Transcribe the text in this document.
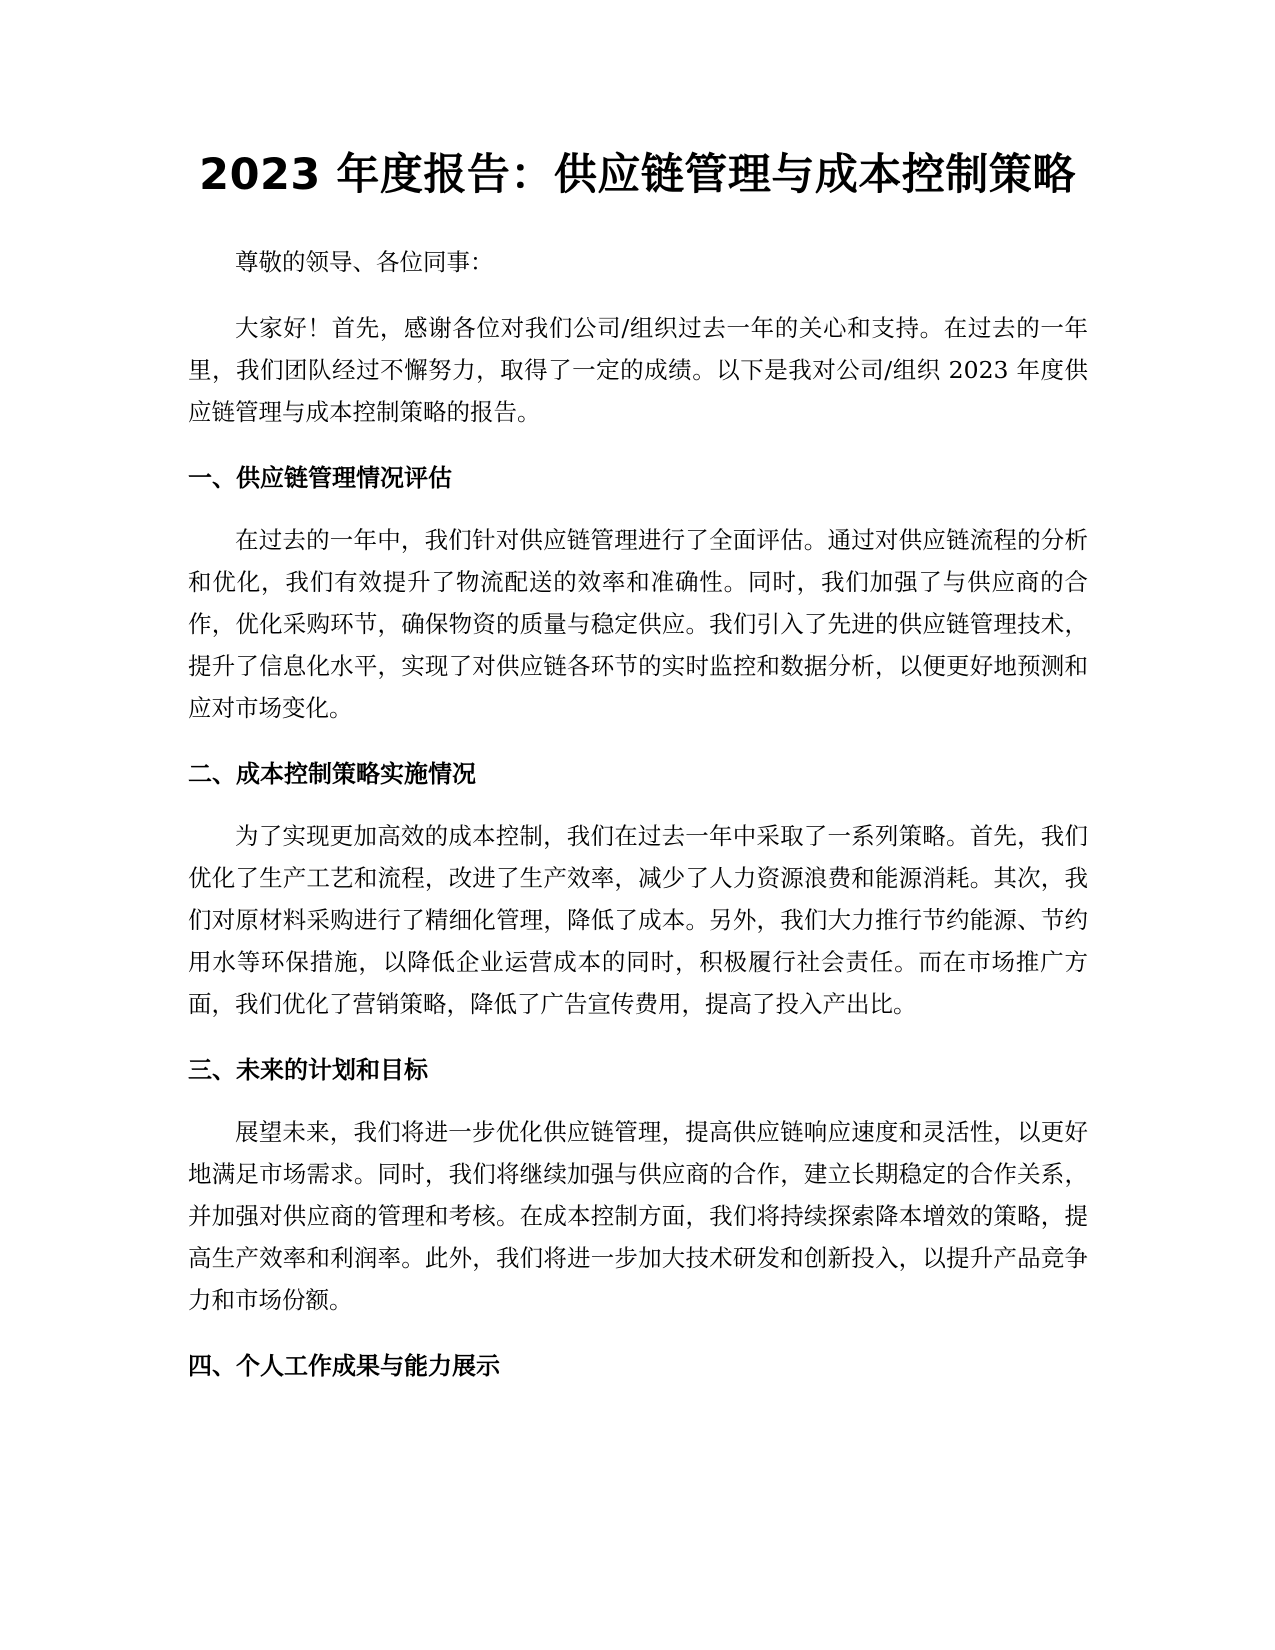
2023 年度报告：供应链管理与成本控制策略

尊敬的领导、各位同事：

大家好！首先，感谢各位对我们公司/组织过去一年的关心和支持。在过去的一年里，我们团队经过不懈努力，取得了一定的成绩。以下是我对公司/组织 2023 年度供应链管理与成本控制策略的报告。

一、供应链管理情况评估

在过去的一年中，我们针对供应链管理进行了全面评估。通过对供应链流程的分析和优化，我们有效提升了物流配送的效率和准确性。同时，我们加强了与供应商的合作，优化采购环节，确保物资的质量与稳定供应。我们引入了先进的供应链管理技术，提升了信息化水平，实现了对供应链各环节的实时监控和数据分析，以便更好地预测和应对市场变化。

二、成本控制策略实施情况

为了实现更加高效的成本控制，我们在过去一年中采取了一系列策略。首先，我们优化了生产工艺和流程，改进了生产效率，减少了人力资源浪费和能源消耗。其次，我们对原材料采购进行了精细化管理，降低了成本。另外，我们大力推行节约能源、节约用水等环保措施，以降低企业运营成本的同时，积极履行社会责任。而在市场推广方面，我们优化了营销策略，降低了广告宣传费用，提高了投入产出比。

三、未来的计划和目标

展望未来，我们将进一步优化供应链管理，提高供应链响应速度和灵活性，以更好地满足市场需求。同时，我们将继续加强与供应商的合作，建立长期稳定的合作关系，并加强对供应商的管理和考核。在成本控制方面，我们将持续探索降本增效的策略，提高生产效率和利润率。此外，我们将进一步加大技术研发和创新投入，以提升产品竞争力和市场份额。

四、个人工作成果与能力展示
